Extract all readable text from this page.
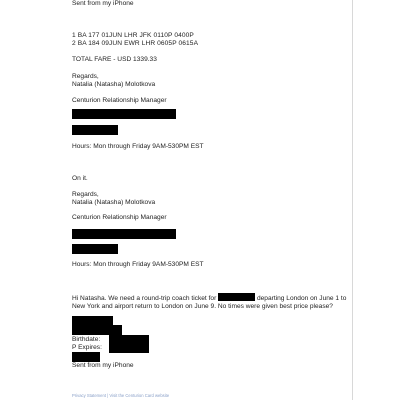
Sent from my iPhone
1 BA 177 01JUN LHR JFK 0110P 0400P
2 BA 184 09JUN EWR LHR 0605P 0615A
TOTAL FARE - USD 1339.33
Regards,
Natalia (Natasha) Molotkova
Centurion Relationship Manager
Hours: Mon through Friday 9AM-530PM EST
On it.
Regards,
Natalia (Natasha) Molotkova
Centurion Relationship Manager
Hours: Mon through Friday 9AM-530PM EST
Hi Natasha. We need a round-trip coach ticket for	departing London on June 1 to New York and airport return to London on June 9. No times were given best price please?
Birthdate:
P Expires:
Sent from my iPhone
Privacy Statement | Visit the Centurion Card website
